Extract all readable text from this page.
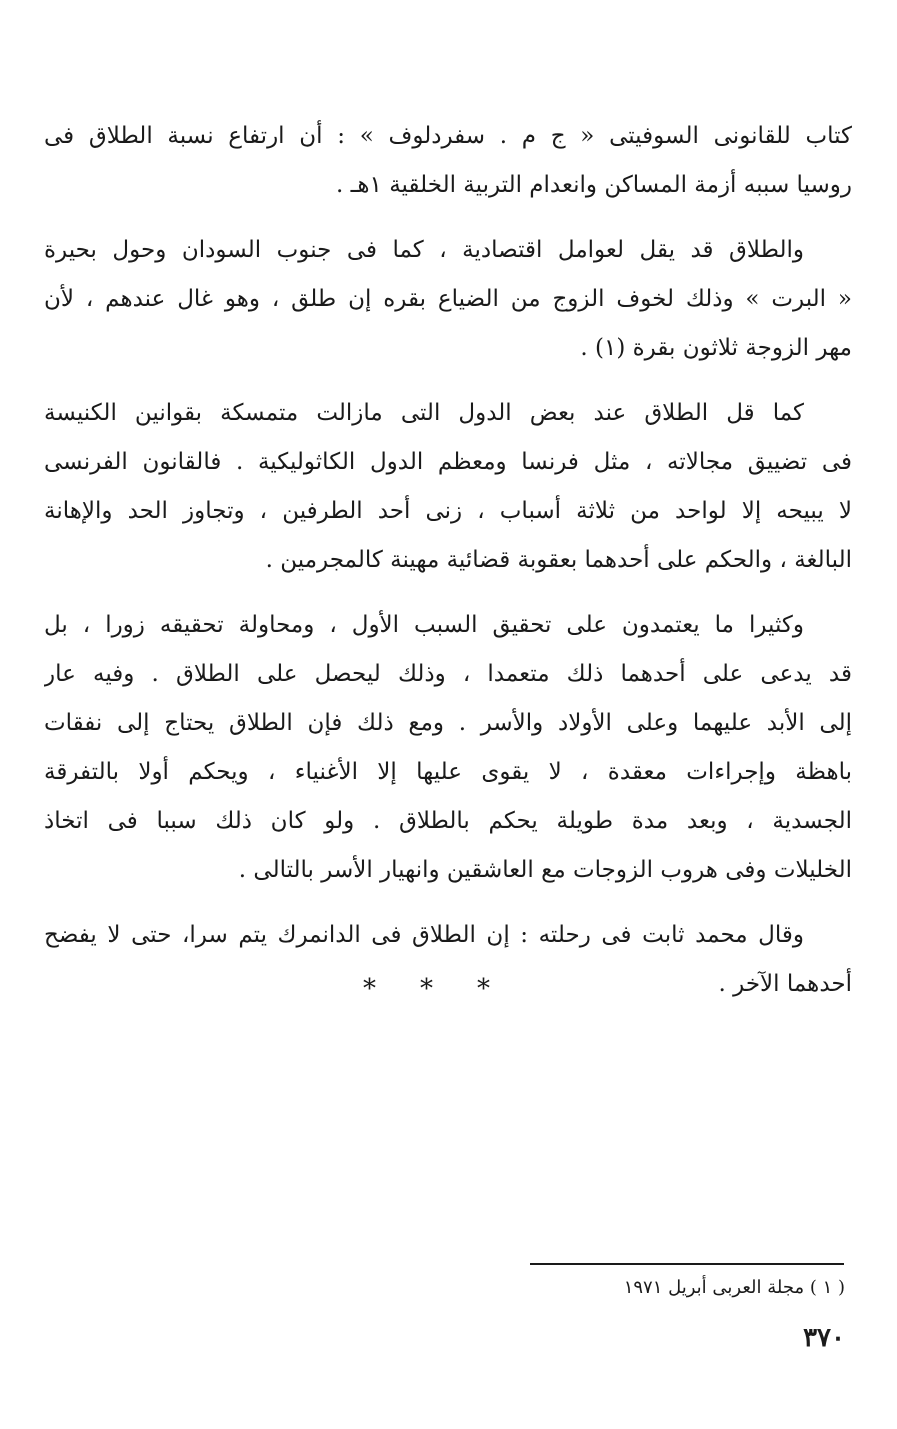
كتاب للقانونى السوفيتى « ج م . سفردلوف » : أن ارتفاع نسبة الطلاق فى
روسيا سببه أزمة المساكن وانعدام التربية الخلقية ١هـ .

والطلاق قد يقل لعوامل اقتصادية ، كما فى جنوب السودان وحول بحيرة
« البرت » وذلك لخوف الزوج من الضياع بقره إن طلق ، وهو غال عندهم ، لأن
مهر الزوجة ثلاثون بقرة (١) .

كما قل الطلاق عند بعض الدول التى مازالت متمسكة بقوانين الكنيسة
فى تضييق مجالاته ، مثل فرنسا ومعظم الدول الكاثوليكية . فالقانون الفرنسى
لا يبيحه إلا لواحد من ثلاثة أسباب ، زنى أحد الطرفين ، وتجاوز الحد والإهانة
البالغة ، والحكم على أحدهما بعقوبة قضائية مهينة كالمجرمين .

وكثيرا ما يعتمدون على تحقيق السبب الأول ، ومحاولة تحقيقه زورا ، بل
قد يدعى على أحدهما ذلك متعمدا ، وذلك ليحصل على الطلاق . وفيه عار
إلى الأبد عليهما وعلى الأولاد والأسر . ومع ذلك فإن الطلاق يحتاج إلى نفقات
باهظة وإجراءات معقدة ، لا يقوى عليها إلا الأغنياء ، ويحكم أولا بالتفرقة
الجسدية ، وبعد مدة طويلة يحكم بالطلاق . ولو كان ذلك سببا فى اتخاذ
الخليلات وفى هروب الزوجات مع العاشقين وانهيار الأسر بالتالى .

وقال محمد ثابت فى رحلته : إن الطلاق فى الدانمرك يتم سرا، حتى لا يفضح
أحدهما الآخر .

***
( ١ ) مجلة العربى أبريل ١٩٧١
٣٧٠
